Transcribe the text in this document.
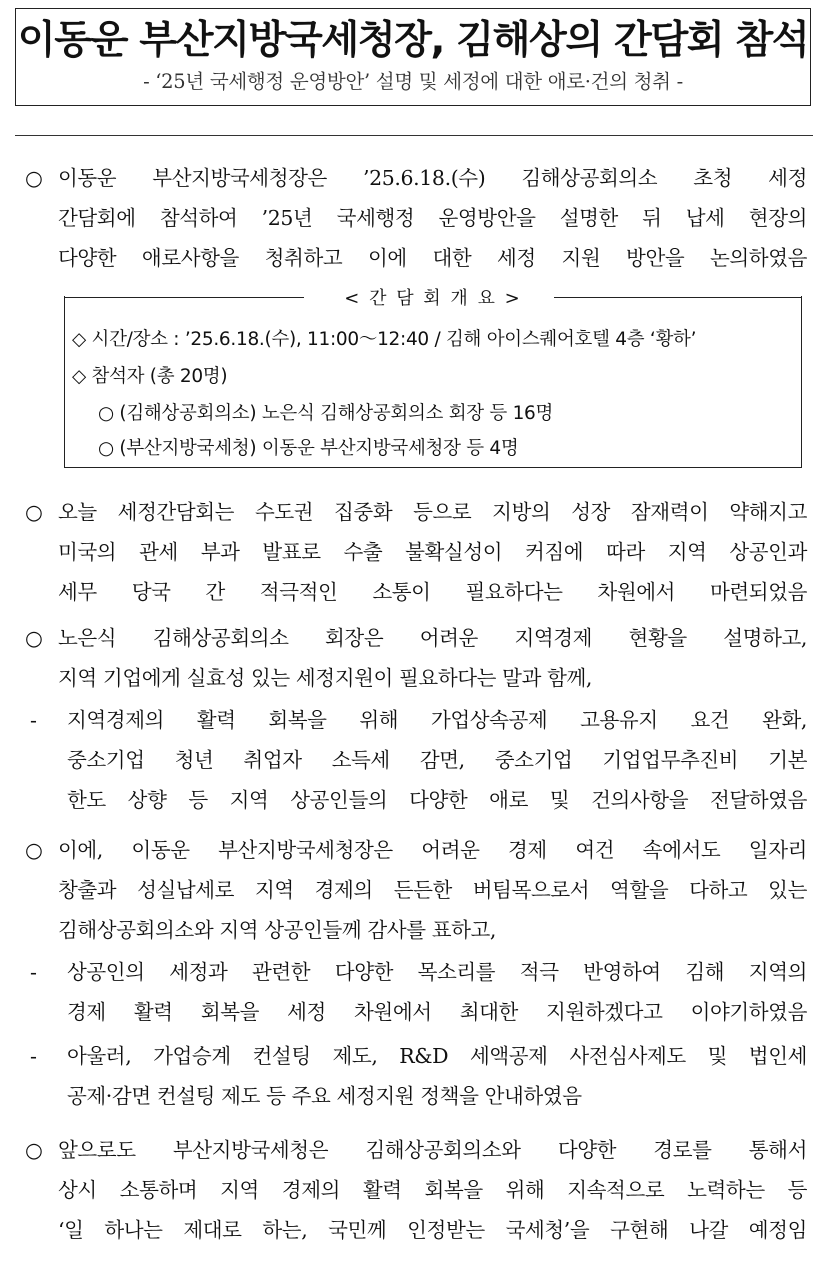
이동운 부산지방국세청장, 김해상의 간담회 참석
- ‘25년 국세행정 운영방안’ 설명 및 세정에 대한 애로·건의 청취 -
○ 이동운 부산지방국세청장은 ’25.6.18.(수) 김해상공회의소 초청 세정
간담회에 참석하여 ’25년 국세행정 운영방안을 설명한 뒤 납세 현장의
다양한 애로사항을 청취하고 이에 대한 세정 지원 방안을 논의하였음
< 간 담 회 개 요 >
◇ 시간/장소 : ’25.6.18.(수), 11:00～12:40 / 김해 아이스퀘어호텔 4층 ‘황하’
◇ 참석자 (총 20명)
○ (김해상공회의소) 노은식 김해상공회의소 회장 등 16명
○ (부산지방국세청) 이동운 부산지방국세청장 등 4명
○ 오늘 세정간담회는 수도권 집중화 등으로 지방의 성장 잠재력이 약해지고
미국의 관세 부과 발표로 수출 불확실성이 커짐에 따라 지역 상공인과
세무 당국 간 적극적인 소통이 필요하다는 차원에서 마련되었음
○ 노은식 김해상공회의소 회장은 어려운 지역경제 현황을 설명하고,
지역 기업에게 실효성 있는 세정지원이 필요하다는 말과 함께,
- 지역경제의 활력 회복을 위해 가업상속공제 고용유지 요건 완화,
중소기업 청년 취업자 소득세 감면, 중소기업 기업업무추진비 기본
한도 상향 등 지역 상공인들의 다양한 애로 및 건의사항을 전달하였음
○ 이에, 이동운 부산지방국세청장은 어려운 경제 여건 속에서도 일자리
창출과 성실납세로 지역 경제의 든든한 버팀목으로서 역할을 다하고 있는
김해상공회의소와 지역 상공인들께 감사를 표하고,
- 상공인의 세정과 관련한 다양한 목소리를 적극 반영하여 김해 지역의
경제 활력 회복을 세정 차원에서 최대한 지원하겠다고 이야기하였음
- 아울러, 가업승계 컨설팅 제도, R&D 세액공제 사전심사제도 및 법인세
공제·감면 컨설팅 제도 등 주요 세정지원 정책을 안내하였음
○ 앞으로도 부산지방국세청은 김해상공회의소와 다양한 경로를 통해서
상시 소통하며 지역 경제의 활력 회복을 위해 지속적으로 노력하는 등
‘일 하나는 제대로 하는, 국민께 인정받는 국세청’을 구현해 나갈 예정임
